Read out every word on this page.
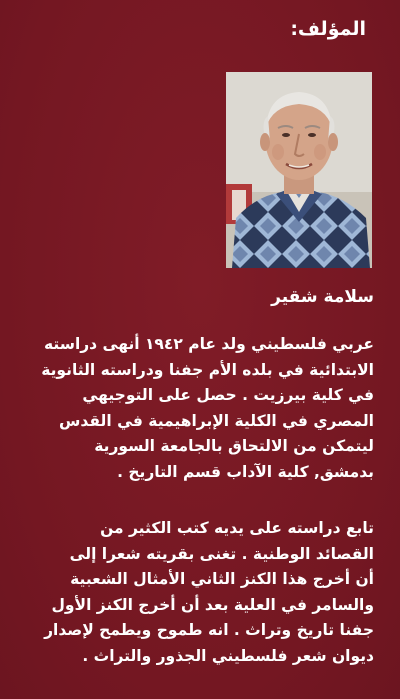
المؤلف:
سلامة شقير
عربي فلسطيني ولد عام ١٩٤٢ أنهى دراسته
الابتدائية في بلده الأم جفنا ودراسته الثانوية
في كلية بيرزيت . حصل على التوجيهي
المصري في الكلية الإبراهيمية في القدس
ليتمكن من الالتحاق بالجامعة السورية
بدمشق, كلية الآداب قسم التاريخ .
تابع دراسته على يديه كتب الكثير من
القصائد الوطنية . تغنى بقريته شعرا إلى
أن أخرج هذا الكنز الثاني الأمثال الشعبية
والسامر في العلية بعد أن أخرج الكنز الأول
جفنا تاريخ وتراث . انه طموح ويطمح لإصدار
ديوان شعر فلسطيني الجذور والتراث .
